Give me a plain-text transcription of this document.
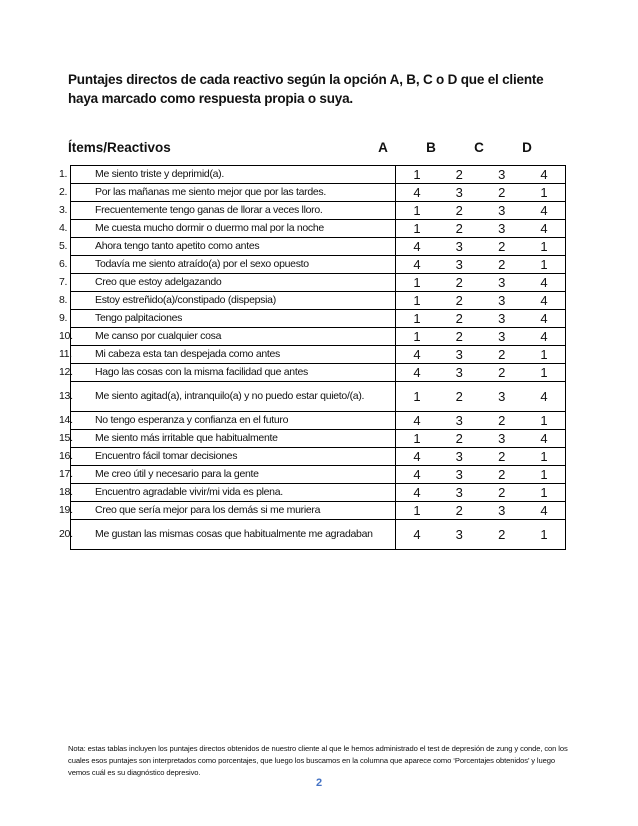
Puntajes directos de cada reactivo según la opción A, B, C o D que el cliente haya marcado como respuesta propia o suya.
Ítems/Reactivos	A	B	C	D
1. Me siento triste y deprimid(a).	1	2	3	4
2. Por las mañanas me siento mejor que por las tardes.	4	3	2	1
3. Frecuentemente tengo ganas de llorar a veces lloro.	1	2	3	4
4. Me cuesta mucho dormir o duermo mal por la noche	1	2	3	4
5. Ahora tengo tanto apetito como antes	4	3	2	1
6. Todavía me siento atraído(a) por el sexo opuesto	4	3	2	1
7. Creo que estoy adelgazando	1	2	3	4
8. Estoy estreñido(a)/constipado (dispepsia)	1	2	3	4
9. Tengo palpitaciones	1	2	3	4
10. Me canso por cualquier cosa	1	2	3	4
11. Mi cabeza esta tan despejada como antes	4	3	2	1
12. Hago las cosas con la misma facilidad que antes	4	3	2	1
13. Me siento agitad(a), intranquilo(a) y no puedo estar quieto/(a).	1	2	3	4
14. No tengo esperanza y confianza en el futuro	4	3	2	1
15. Me siento más irritable que habitualmente	1	2	3	4
16. Encuentro fácil tomar decisiones	4	3	2	1
17. Me creo útil y necesario para la gente	4	3	2	1
18. Encuentro agradable vivir/mi vida es plena.	4	3	2	1
19. Creo que sería mejor para los demás si me muriera	1	2	3	4
20. Me gustan las mismas cosas que habitualmente me agradaban	4	3	2	1
Nota: estas tablas incluyen los puntajes directos obtenidos de nuestro cliente al que le hemos administrado el test de depresión de zung y conde, con los cuales esos puntajes son interpretados como porcentajes, que luego los buscamos en la columna que aparece como ‘Porcentajes obtenidos’ y luego vemos cuál es su diagnóstico depresivo.
2
